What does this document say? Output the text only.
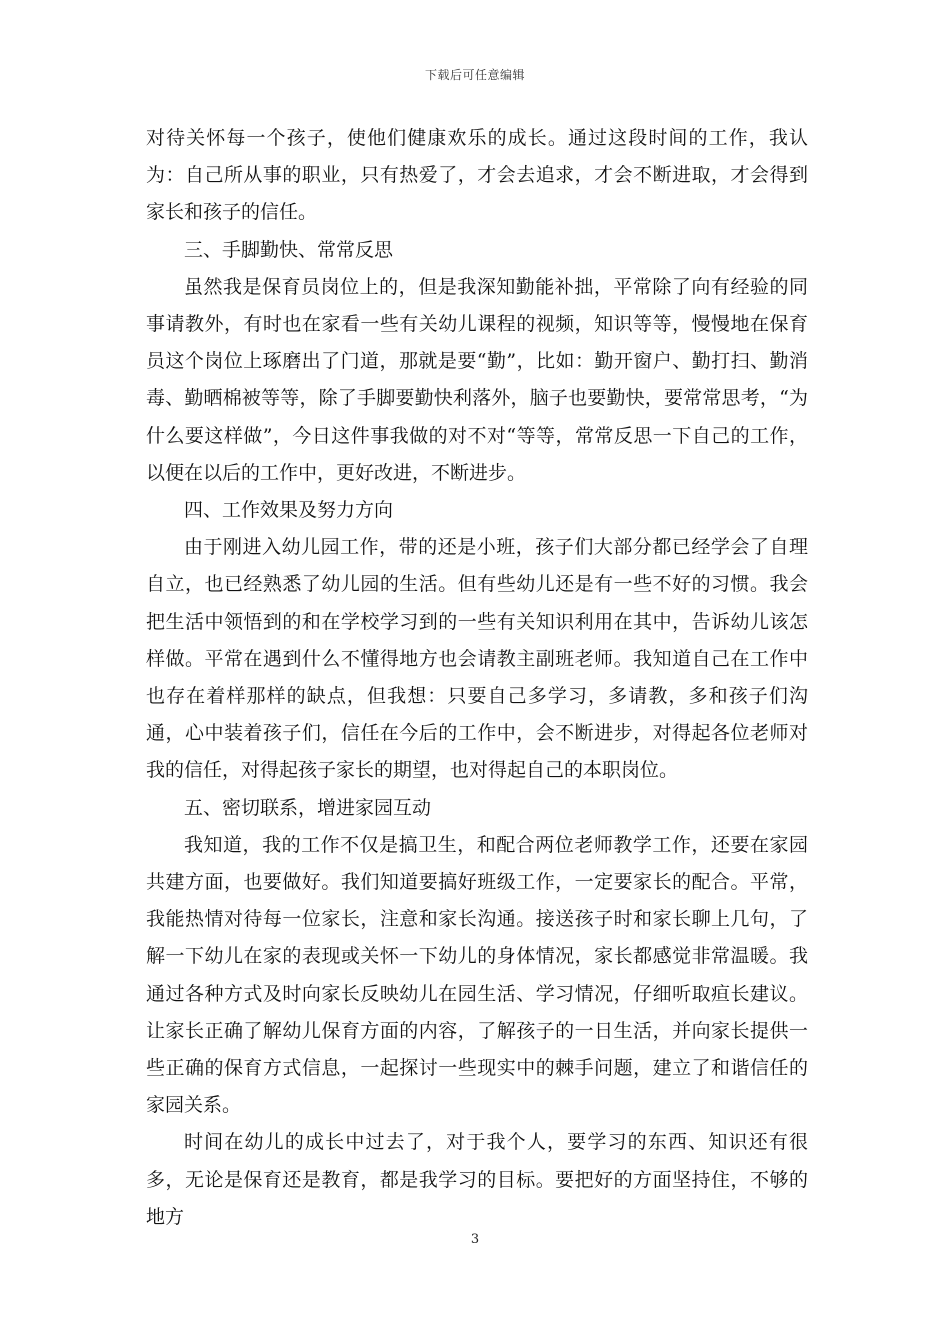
下载后可任意编辑

对待关怀每一个孩子，使他们健康欢乐的成长。通过这段时间的工作，我认为：自己所从事的职业，只有热爱了，才会去追求，才会不断进取，才会得到家长和孩子的信任。

三、手脚勤快、常常反思

虽然我是保育员岗位上的，但是我深知勤能补拙，平常除了向有经验的同事请教外，有时也在家看一些有关幼儿课程的视频，知识等等，慢慢地在保育员这个岗位上琢磨出了门道，那就是要“勤”，比如：勤开窗户、勤打扫、勤消毒、勤晒棉被等等，除了手脚要勤快利落外，脑子也要勤快，要常常思考，“为什么要这样做”，今日这件事我做的对不对“等等，常常反思一下自己的工作，以便在以后的工作中，更好改进，不断进步。

四、工作效果及努力方向

由于刚进入幼儿园工作，带的还是小班，孩子们大部分都已经学会了自理自立，也已经熟悉了幼儿园的生活。但有些幼儿还是有一些不好的习惯。我会把生活中领悟到的和在学校学习到的一些有关知识利用在其中，告诉幼儿该怎样做。平常在遇到什么不懂得地方也会请教主副班老师。我知道自己在工作中也存在着样那样的缺点，但我想：只要自己多学习，多请教，多和孩子们沟通，心中装着孩子们，信任在今后的工作中，会不断进步，对得起各位老师对我的信任，对得起孩子家长的期望，也对得起自己的本职岗位。

五、密切联系，增进家园互动

我知道，我的工作不仅是搞卫生，和配合两位老师教学工作，还要在家园共建方面，也要做好。我们知道要搞好班级工作，一定要家长的配合。平常，我能热情对待每一位家长，注意和家长沟通。接送孩子时和家长聊上几句，了解一下幼儿在家的表现或关怀一下幼儿的身体情况，家长都感觉非常温暖。我通过各种方式及时向家长反映幼儿在园生活、学习情况，仔细听取疸长建议。让家长正确了解幼儿保育方面的内容，了解孩子的一日生活，并向家长提供一些正确的保育方式信息，一起探讨一些现实中的棘手问题，建立了和谐信任的家园关系。

时间在幼儿的成长中过去了，对于我个人，要学习的东西、知识还有很多，无论是保育还是教育，都是我学习的目标。要把好的方面坚持住，不够的地方

3
